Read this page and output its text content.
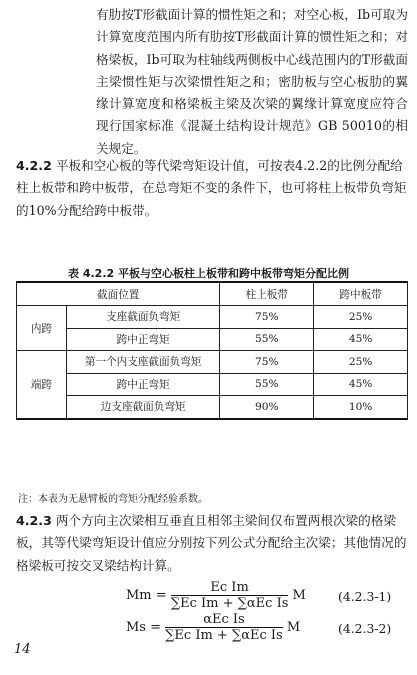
有肋按T形截面计算的惯性矩之和；对空心板，Ib可取为计算宽度范围内所有肋按T形截面计算的惯性矩之和；对格梁板，Ib可取为柱轴线两侧板中心线范围内的T形截面主梁惯性矩与次梁惯性矩之和；密肋板与空心板肋的翼缘计算宽度和格梁板主梁及次梁的翼缘计算宽度应符合现行国家标准《混凝土结构设计规范》GB 50010的相关规定。
4.2.2 平板和空心板的等代梁弯矩设计值，可按表4.2.2的比例分配给柱上板带和跨中板带，在总弯矩不变的条件下，也可将柱上板带负弯矩的10%分配给跨中板带。
表 4.2.2 平板与空心板柱上板带和跨中板带弯矩分配比例
截面位置		柱上板带	跨中板带
内跨	支座截面负弯矩	75%	25%
	跨中正弯矩	55%	45%
端跨	第一个内支座截面负弯矩	75%	25%
	跨中正弯矩	55%	45%
	边支座截面负弯矩	90%	10%
注：本表为无悬臂板的弯矩分配经验系数。
4.2.3 两个方向主次梁相互垂直且相邻主梁间仅布置两根次梁的格梁板，其等代梁弯矩设计值应分别按下列公式分配给主次梁；其他情况的格梁板可按交叉梁结构计算。
$Mm = \frac{\text{Ec Im}}{\text{∑Ec Im + ∑αEc Is}}$ M	(4.2.3-1)
$Ms = \frac{\text{αEc Is}}{\text{∑Ec Im + ∑αEc Is}}$ M	(4.2.3-2)
14
